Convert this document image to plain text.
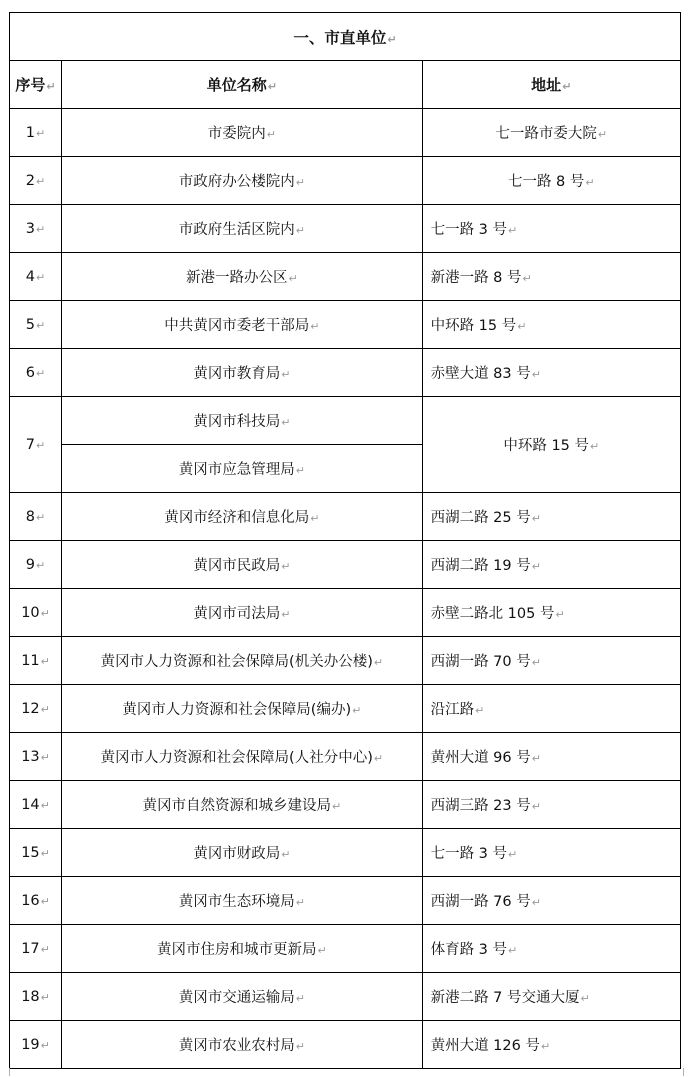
一、市直单位↵		
序号↵	单位名称↵	地址↵
1↵	市委院内↵	七一路市委大院↵
2↵	市政府办公楼院内↵	七一路 8 号↵
3↵	市政府生活区院内↵	七一路 3 号↵
4↵	新港一路办公区↵	新港一路 8 号↵
5↵	中共黄冈市委老干部局↵	中环路 15 号↵
6↵	黄冈市教育局↵	赤壁大道 83 号↵
7↵	黄冈市科技局↵	中环路 15 号↵
	黄冈市应急管理局↵	
8↵	黄冈市经济和信息化局↵	西湖二路 25 号↵
9↵	黄冈市民政局↵	西湖二路 19 号↵
10↵	黄冈市司法局↵	赤壁二路北 105 号↵
11↵	黄冈市人力资源和社会保障局(机关办公楼)↵	西湖一路 70 号↵
12↵	黄冈市人力资源和社会保障局(编办)↵	沿江路↵
13↵	黄冈市人力资源和社会保障局(人社分中心)↵	黄州大道 96 号↵
14↵	黄冈市自然资源和城乡建设局↵	西湖三路 23 号↵
15↵	黄冈市财政局↵	七一路 3 号↵
16↵	黄冈市生态环境局↵	西湖一路 76 号↵
17↵	黄冈市住房和城市更新局↵	体育路 3 号↵
18↵	黄冈市交通运输局↵	新港二路 7 号交通大厦↵
19↵	黄冈市农业农村局↵	黄州大道 126 号↵
